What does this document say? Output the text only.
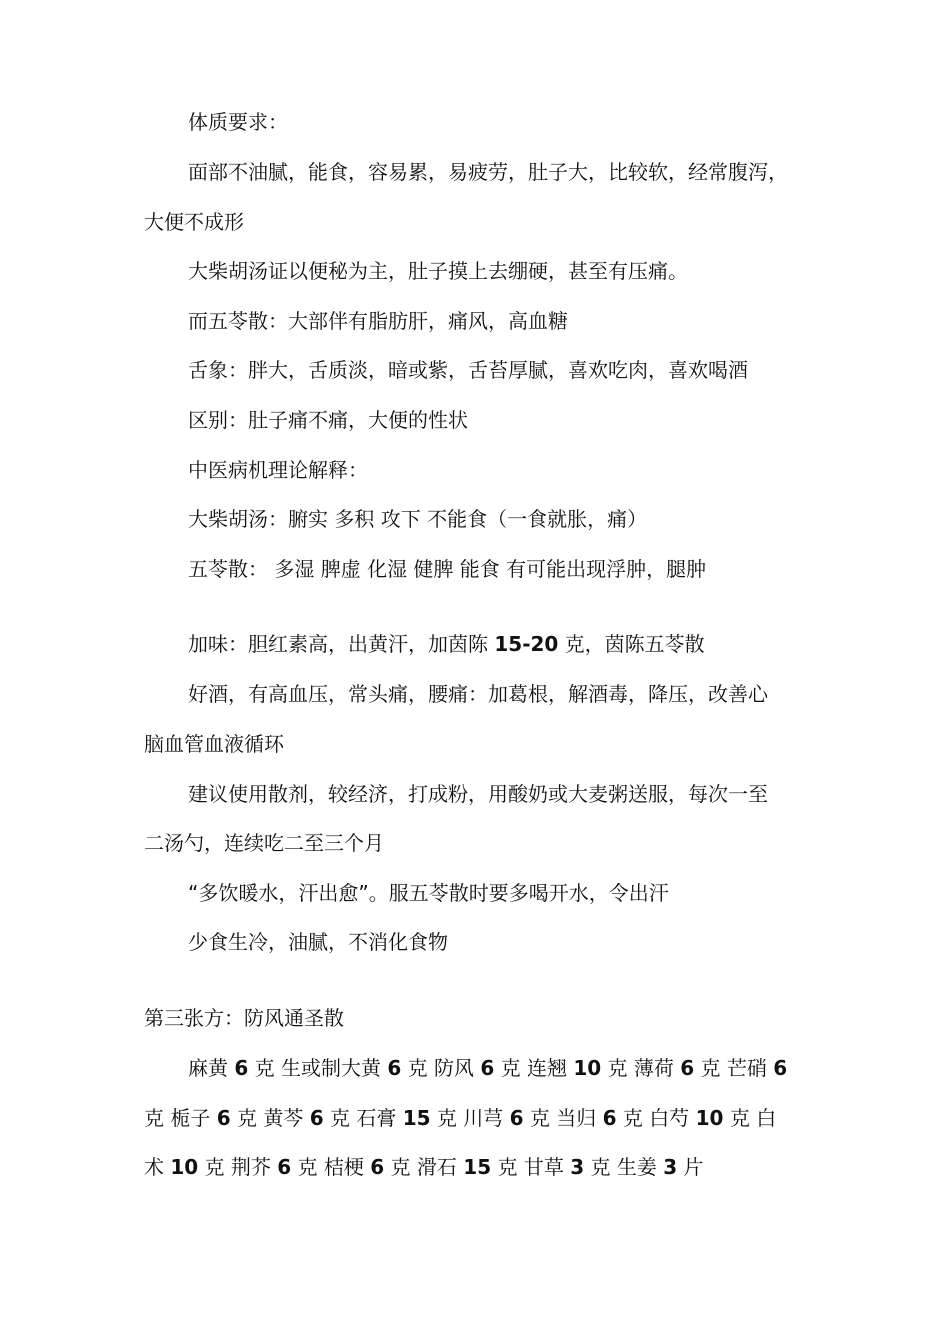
体质要求：
面部不油腻，能食，容易累，易疲劳，肚子大，比较软，经常腹泻，
大便不成形
大柴胡汤证以便秘为主，肚子摸上去绷硬，甚至有压痛。
而五苓散：大部伴有脂肪肝，痛风，高血糖
舌象：胖大，舌质淡，暗或紫，舌苔厚腻，喜欢吃肉，喜欢喝酒
区别：肚子痛不痛，大便的性状
中医病机理论解释：
大柴胡汤：腑实 多积 攻下 不能食（一食就胀，痛）
五苓散： 多湿 脾虚 化湿 健脾 能食 有可能出现浮肿，腿肿
加味：胆红素高，出黄汗，加茵陈 15-20 克，茵陈五苓散
好酒，有高血压，常头痛，腰痛：加葛根，解酒毒，降压，改善心
脑血管血液循环
建议使用散剂，较经济，打成粉，用酸奶或大麦粥送服，每次一至
二汤勺，连续吃二至三个月
“多饮暖水，汗出愈”。服五苓散时要多喝开水，令出汗
少食生冷，油腻，不消化食物
第三张方：防风通圣散
麻黄 6 克 生或制大黄 6 克 防风 6 克 连翘 10 克 薄荷 6 克 芒硝 6
克 栀子 6 克 黄芩 6 克 石膏 15 克 川芎 6 克 当归 6 克 白芍 10 克 白
术 10 克 荆芥 6 克 桔梗 6 克 滑石 15 克 甘草 3 克 生姜 3 片
